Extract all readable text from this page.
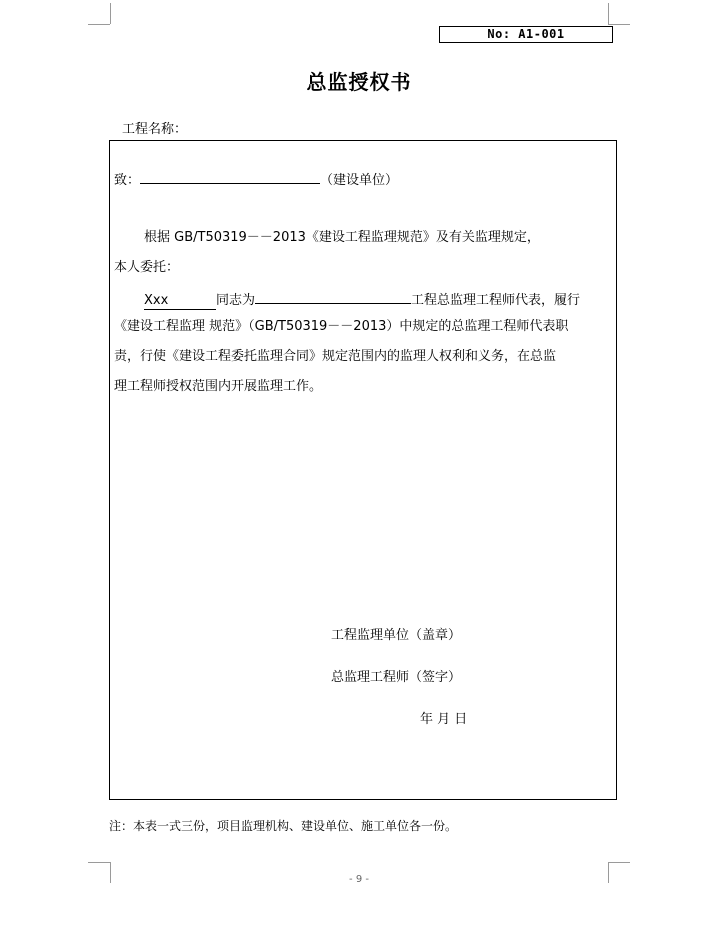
No: A1-001
总监授权书
工程名称：
致：	（建设单位）
根据 GB/T50319－－2013《建设工程监理规范》及有关监理规定，
本人委托：
Xxx	同志为	工程总监理工程师代表，履行
《建设工程监理 规范》（GB/T50319－－2013）中规定的总监理工程师代表职
责，行使《建设工程委托监理合同》规定范围内的监理人权利和义务，在总监
理工程师授权范围内开展监理工作。
工程监理单位（盖章）
总监理工程师（签字）
年 月 日
注：本表一式三份，项目监理机构、建设单位、施工单位各一份。
- 9 -
